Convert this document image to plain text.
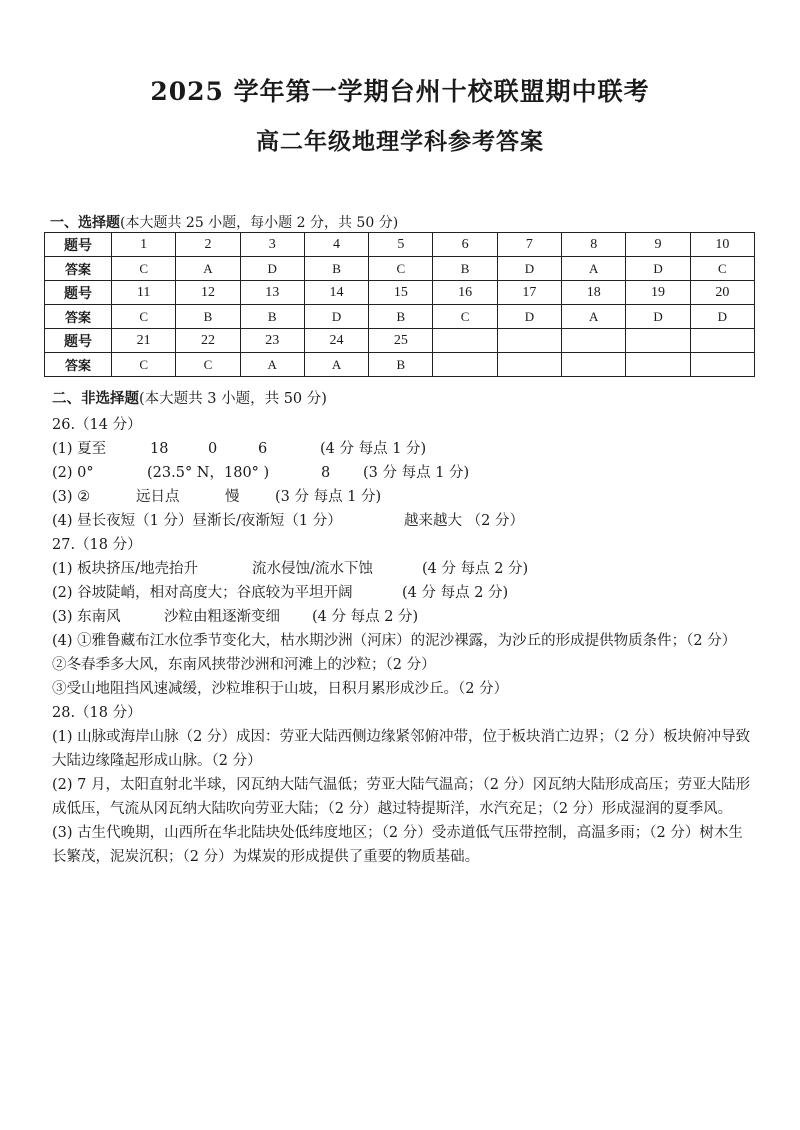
2025 学年第一学期台州十校联盟期中联考
高二年级地理学科参考答案
一、选择题(本大题共 25 小题，每小题 2 分，共 50 分)
题号	1	2	3	4	5	6	7	8	9	10
答案	C	A	D	B	C	B	D	A	D	C
题号	11	12	13	14	15	16	17	18	19	20
答案	C	B	B	D	B	C	D	A	D	D
题号	21	22	23	24	25					
答案	C	C	A	A	B					
二、非选择题(本大题共 3 小题，共 50 分)
26.（14 分）
(1) 夏至	18	0	6	(4 分 每点 1 分)
(2) 0°	(23.5° N，180° )	8 (3 分 每点 1 分)
(3) ②	远日点	慢 (3 分 每点 1 分)
(4) 昼长夜短（1 分）昼渐长/夜渐短（1 分）	越来越大 （2 分）
27.（18 分）
(1) 板块挤压/地壳抬升	流水侵蚀/流水下蚀	(4 分 每点 2 分)
(2) 谷坡陡峭，相对高度大；谷底较为平坦开阔	(4 分 每点 2 分)
(3) 东南风	沙粒由粗逐渐变细 (4 分 每点 2 分)
(4) ①雅鲁藏布江水位季节变化大，枯水期沙洲（河床）的泥沙裸露，为沙丘的形成提供物质条件；（2 分）
②冬春季多大风，东南风挟带沙洲和河滩上的沙粒；（2 分）
③受山地阻挡风速减缓，沙粒堆积于山坡，日积月累形成沙丘。（2 分）
28.（18 分）
(1) 山脉或海岸山脉（2 分）成因：劳亚大陆西侧边缘紧邻俯冲带，位于板块消亡边界；（2 分）板块俯冲导致大陆边缘隆起形成山脉。（2 分）
(2) 7 月，太阳直射北半球，冈瓦纳大陆气温低；劳亚大陆气温高；（2 分）冈瓦纳大陆形成高压；劳亚大陆形成低压，气流从冈瓦纳大陆吹向劳亚大陆；（2 分）越过特提斯洋，水汽充足；（2 分）形成湿润的夏季风。
(3) 古生代晚期，山西所在华北陆块处低纬度地区；（2 分）受赤道低气压带控制，高温多雨；（2 分）树木生长繁茂，泥炭沉积；（2 分）为煤炭的形成提供了重要的物质基础。
